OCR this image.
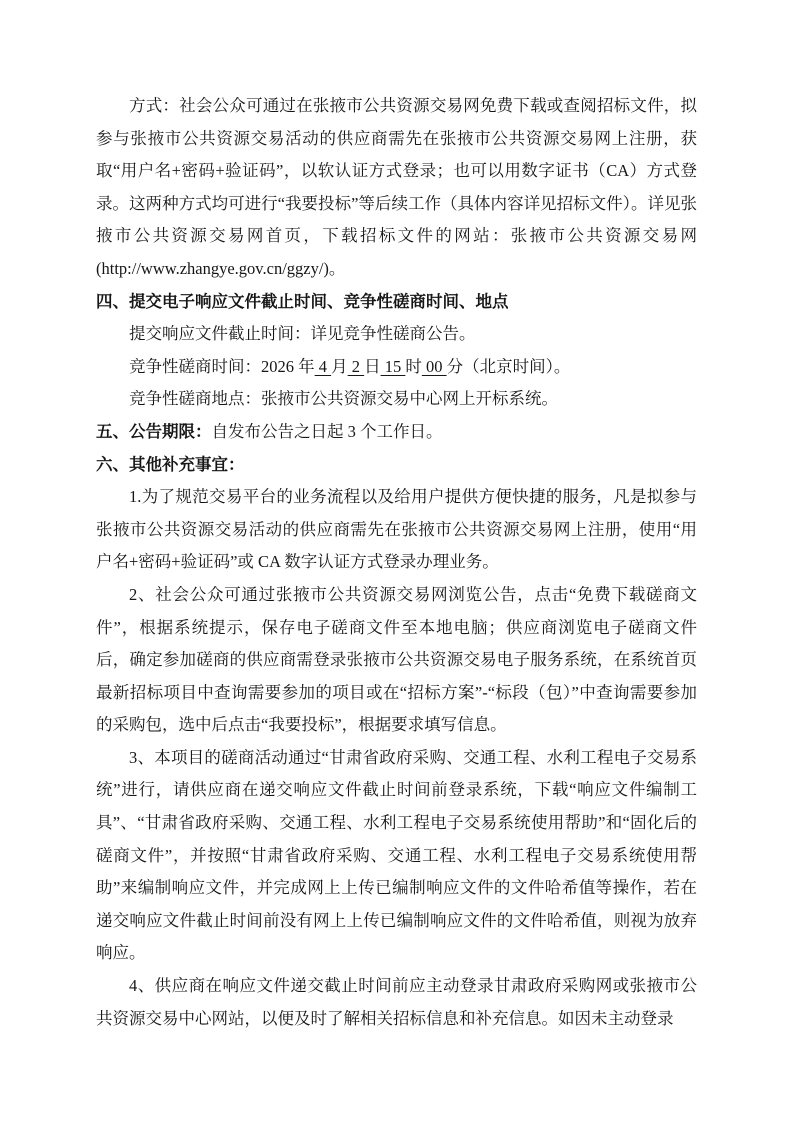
方式：社会公众可通过在张掖市公共资源交易网免费下载或查阅招标文件，拟参与张掖市公共资源交易活动的供应商需先在张掖市公共资源交易网上注册，获取“用户名+密码+验证码”，以软认证方式登录；也可以用数字证书（CA）方式登录。这两种方式均可进行“我要投标”等后续工作（具体内容详见招标文件）。详见张掖市公共资源交易网首页，下载招标文件的网站：张掖市公共资源交易网(http://www.zhangye.gov.cn/ggzy/)。

四、提交电子响应文件截止时间、竞争性磋商时间、地点

提交响应文件截止时间：详见竞争性磋商公告。

竞争性磋商时间：2026 年 4 月 2 日 15 时 00 分（北京时间）。

竞争性磋商地点：张掖市公共资源交易中心网上开标系统。

五、公告期限：自发布公告之日起 3 个工作日。
六、其他补充事宜：

1.为了规范交易平台的业务流程以及给用户提供方便快捷的服务，凡是拟参与张掖市公共资源交易活动的供应商需先在张掖市公共资源交易网上注册，使用“用户名+密码+验证码”或 CA 数字认证方式登录办理业务。

2、社会公众可通过张掖市公共资源交易网浏览公告，点击“免费下载磋商文件”，根据系统提示，保存电子磋商文件至本地电脑；供应商浏览电子磋商文件后，确定参加磋商的供应商需登录张掖市公共资源交易电子服务系统，在系统首页最新招标项目中查询需要参加的项目或在“招标方案”-“标段（包）”中查询需要参加的采购包，选中后点击“我要投标”，根据要求填写信息。

3、本项目的磋商活动通过“甘肃省政府采购、交通工程、水利工程电子交易系统”进行，请供应商在递交响应文件截止时间前登录系统，下载“响应文件编制工具”、“甘肃省政府采购、交通工程、水利工程电子交易系统使用帮助”和“固化后的磋商文件”，并按照“甘肃省政府采购、交通工程、水利工程电子交易系统使用帮助”来编制响应文件，并完成网上上传已编制响应文件的文件哈希值等操作，若在递交响应文件截止时间前没有网上上传已编制响应文件的文件哈希值，则视为放弃响应。

4、供应商在响应文件递交截止时间前应主动登录甘肃政府采购网或张掖市公共资源交易中心网站，以便及时了解相关招标信息和补充信息。如因未主动登录
